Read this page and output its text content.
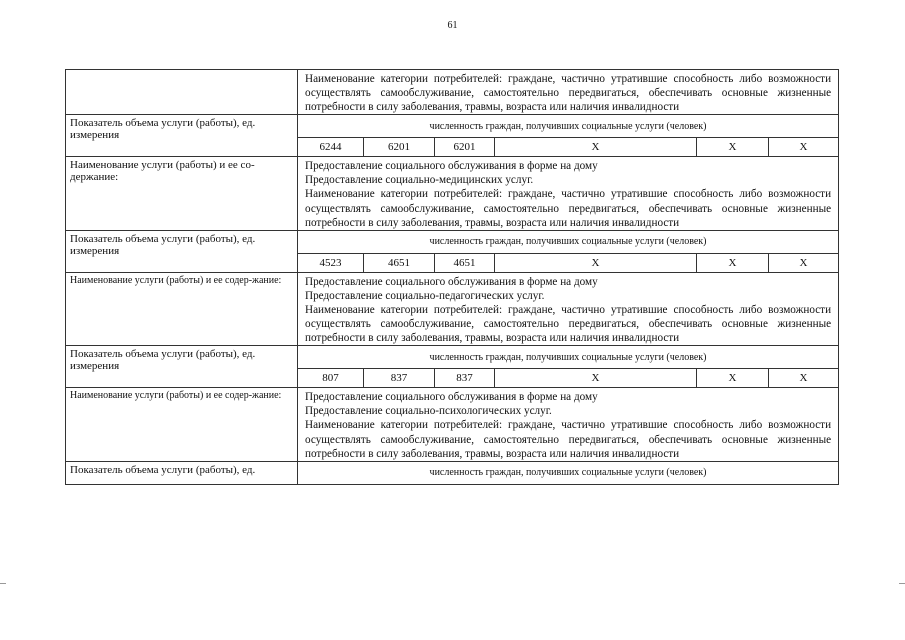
61
	Наименование категории потребителей: граждане, частично утратившие способность либо возможности осуществлять самообслуживание, самостоятельно передвигаться, обеспечивать основные жизненные потребности в силу заболевания, травмы, возраста или наличия инвалидности					
Показатель объема услуги (работы), ед. измерения	численность граждан, получивших социальные услуги (человек)					
	6244	6201	6201	Х	Х	Х
Наименование услуги (работы) и ее со-держание:	Предоставление социального обслуживания в форме на дому
Предоставление социально-медицинских услуг.
Наименование категории потребителей: граждане, частично утратившие способность либо возможности осуществлять самообслуживание, самостоятельно передвигаться, обеспечивать основные жизненные потребности в силу заболевания, травмы, возраста или наличия инвалидности					

Показатель объема услуги (работы), ед. измерения	численность граждан, получивших социальные услуги (человек)					
	4523	4651	4651	Х	Х	Х
Наименование услуги (работы) и ее содер-жание:	Предоставление социального обслуживания в форме на дому
Предоставление социально-педагогических услуг.
Наименование категории потребителей: граждане, частично утратившие способность либо возможности осуществлять самообслуживание, самостоятельно передвигаться, обеспечивать основные жизненные потребности в силу заболевания, травмы, возраста или наличия инвалидности					

Показатель объема услуги (работы), ед. измерения	численность граждан, получивших социальные услуги (человек)					
	807	837	837	Х	Х	Х
Наименование услуги (работы) и ее содер-жание:	Предоставление социального обслуживания в форме на дому
Предоставление социально-психологических услуг.
Наименование категории потребителей: граждане, частично утратившие способность либо возможности осуществлять самообслуживание, самостоятельно передвигаться, обеспечивать основные жизненные потребности в силу заболевания, травмы, возраста или наличия инвалидности					

Показатель объема услуги (работы), ед.	численность граждан, получивших социальные услуги (человек)					
